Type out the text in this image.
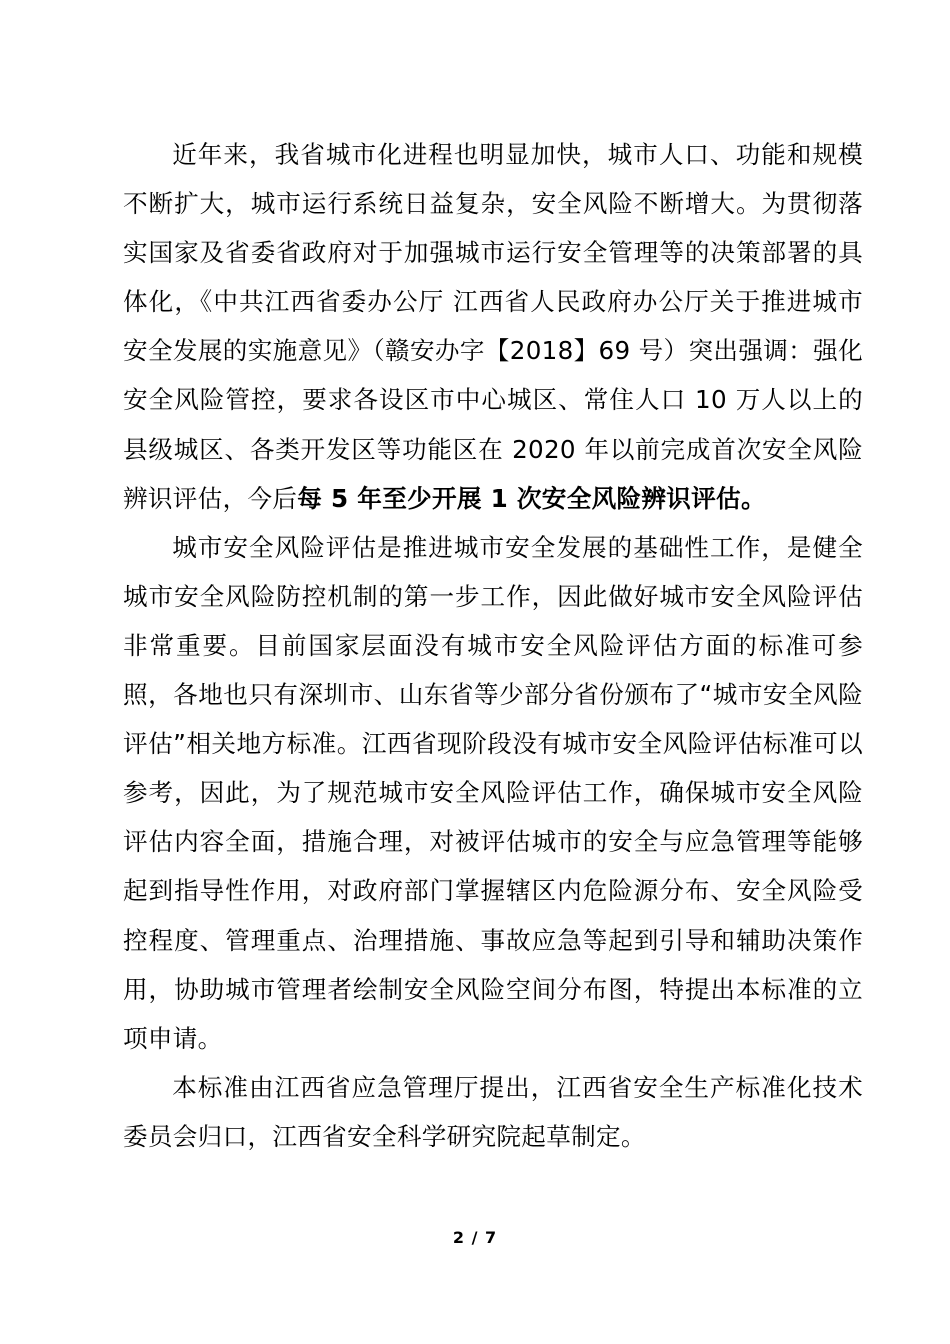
近年来，我省城市化进程也明显加快，城市人口、功能和规模不断扩大，城市运行系统日益复杂，安全风险不断增大。为贯彻落实国家及省委省政府对于加强城市运行安全管理等的决策部署的具体化，《中共江西省委办公厅 江西省人民政府办公厅关于推进城市安全发展的实施意见》（赣安办字【2018】69 号）突出强调：强化安全风险管控，要求各设区市中心城区、常住人口 10 万人以上的县级城区、各类开发区等功能区在 2020 年以前完成首次安全风险辨识评估，今后每 5 年至少开展 1 次安全风险辨识评估。

城市安全风险评估是推进城市安全发展的基础性工作，是健全城市安全风险防控机制的第一步工作，因此做好城市安全风险评估非常重要。目前国家层面没有城市安全风险评估方面的标准可参照，各地也只有深圳市、山东省等少部分省份颁布了“城市安全风险评估”相关地方标准。江西省现阶段没有城市安全风险评估标准可以参考，因此，为了规范城市安全风险评估工作，确保城市安全风险评估内容全面，措施合理，对被评估城市的安全与应急管理等能够起到指导性作用，对政府部门掌握辖区内危险源分布、安全风险受控程度、管理重点、治理措施、事故应急等起到引导和辅助决策作用，协助城市管理者绘制安全风险空间分布图，特提出本标准的立项申请。

本标准由江西省应急管理厅提出，江西省安全生产标准化技术委员会归口，江西省安全科学研究院起草制定。

2 / 7
